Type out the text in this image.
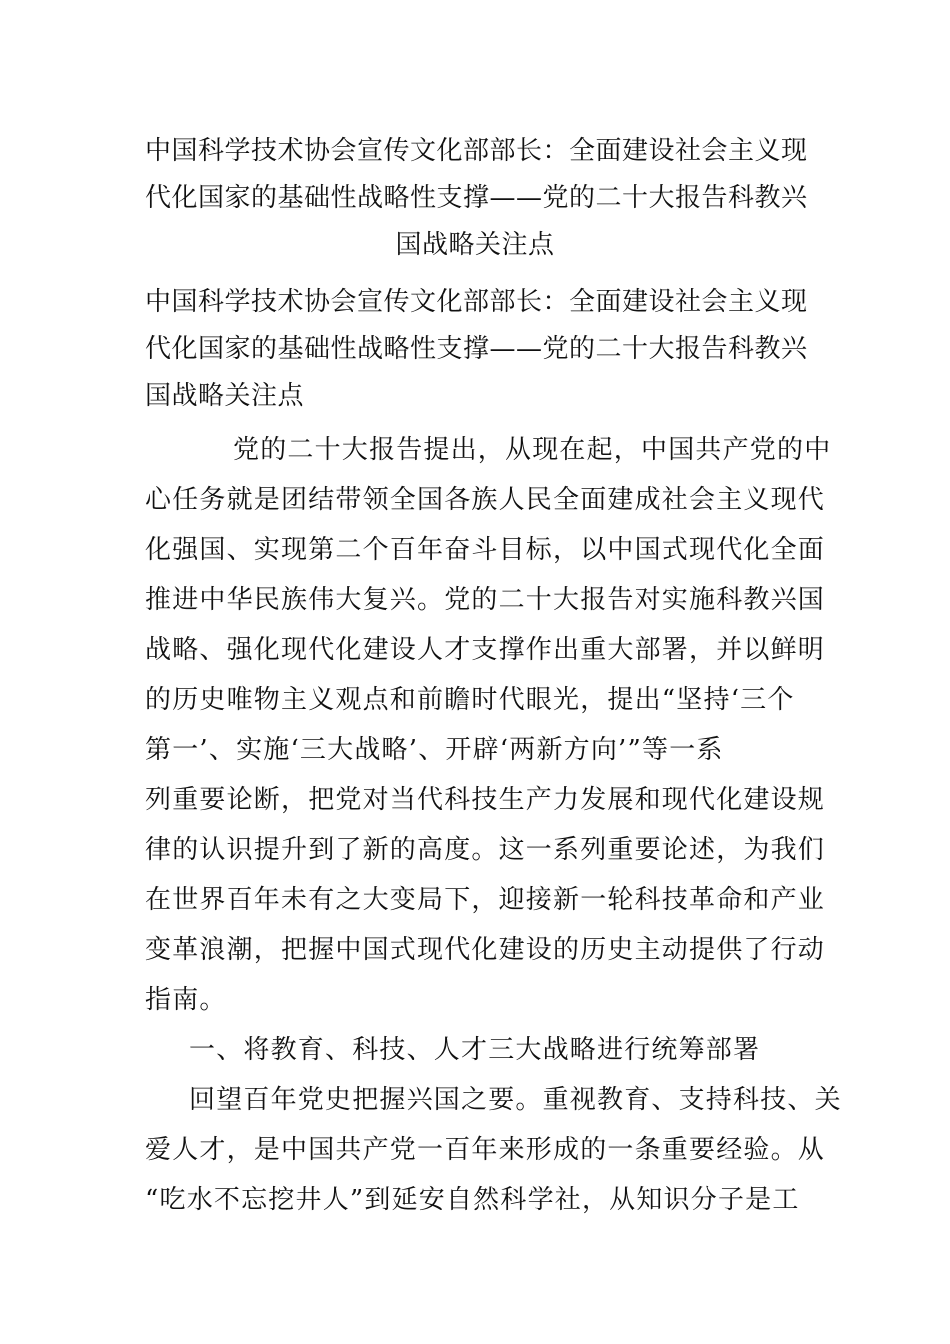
中国科学技术协会宣传文化部部长：全面建设社会主义现
代化国家的基础性战略性支撑——党的二十大报告科教兴
国战略关注点
中国科学技术协会宣传文化部部长：全面建设社会主义现
代化国家的基础性战略性支撑——党的二十大报告科教兴
国战略关注点
党的二十大报告提出，从现在起，中国共产党的中
心任务就是团结带领全国各族人民全面建成社会主义现代
化强国、实现第二个百年奋斗目标，以中国式现代化全面
推进中华民族伟大复兴。党的二十大报告对实施科教兴国
战略、强化现代化建设人才支撑作出重大部署，并以鲜明
的历史唯物主义观点和前瞻时代眼光，提出“坚持‘三个
第一’、实施‘三大战略’、开辟‘两新方向’”等一系
列重要论断，把党对当代科技生产力发展和现代化建设规
律的认识提升到了新的高度。这一系列重要论述，为我们
在世界百年未有之大变局下，迎接新一轮科技革命和产业
变革浪潮，把握中国式现代化建设的历史主动提供了行动
指南。
一、将教育、科技、人才三大战略进行统筹部署
回望百年党史把握兴国之要。重视教育、支持科技、关
爱人才，是中国共产党一百年来形成的一条重要经验。从
“吃水不忘挖井人”到延安自然科学社，从知识分子是工
